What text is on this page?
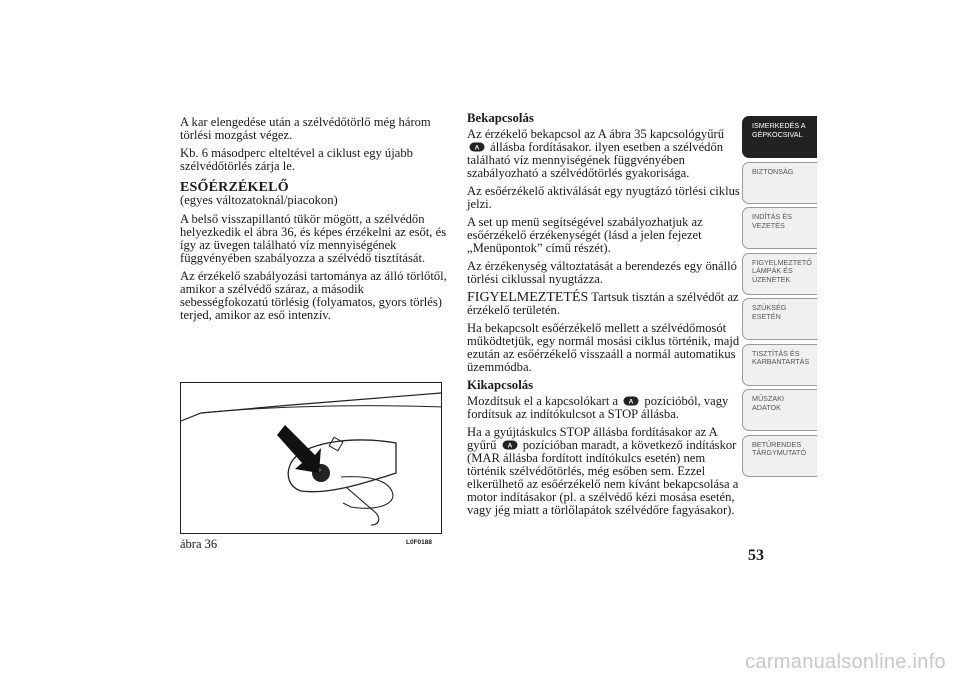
A kar elengedése után a szélvédőtörlő még három törlési mozgást végez.

Kb. 6 másodperc elteltével a ciklust egy újabb szélvédőtörlés zárja le.

ESŐÉRZÉKELŐ
(egyes változatoknál/piacokon)

A belső visszapillantó tükör mögött, a szélvédőn helyezkedik el ábra 36, és képes érzékelni az esőt, és így az üvegen található víz mennyiségének függvényében szabályozza a szélvédő tisztítását.

Az érzékelő szabályozási tartománya az álló törlőtől, amikor a szélvédő száraz, a második sebességfokozatú törlésig (folyamatos, gyors törlés) terjed, amikor az eső intenzív.

ábra 36	L0F0188
Bekapcsolás

Az érzékelő bekapcsol az A ábra 35 kapcsológyűrű

A állásba fordításakor. ilyen esetben a szélvédőn található víz mennyiségének függvényében szabályozható a szélvédőtörlés gyakorisága.

Az esőérzékelő aktiválását egy nyugtázó törlési ciklus jelzi.

A set up menü segítségével szabályozhatjuk az esőérzékelő érzékenységét (lásd a jelen fejezet „Menüpontok” című részét).

Az érzékenység változtatását a berendezés egy önálló törlési ciklussal nyugtázza.

FIGYELMEZTETÉS Tartsuk tisztán a szélvédőt az érzékelő területén.

Ha bekapcsolt esőérzékelő mellett a szélvédőmosót működtetjük, egy normál mosási ciklus történik, majd ezután az esőérzékelő visszaáll a normál automatikus üzemmódba.

Kikapcsolás

Mozdítsuk el a kapcsolókart a A pozícióból, vagy fordítsuk az indítókulcsot a STOP állásba.

Ha a gyújtáskulcs STOP állásba fordításakor az A gyűrű A pozícióban maradt, a következő indításkor (MAR állásba fordított indítókulcs esetén) nem történik szélvédőtörlés, még esőben sem. Ezzel elkerülhető az esőérzékelő nem kívánt bekapcsolása a motor indításakor (pl. a szélvédő kézi mosása esetén, vagy jég miatt a törlőlapátok szélvédőre fagyásakor).

ISMERKEDÉS A
GÉPKOCSIVAL
BIZTONSÁG
INDÍTÁS ÉS
VEZETÉS
FIGYELMEZTETŐ
LÁMPÁK ÉS
ÜZENETEK
SZÜKSÉG ESETÉN
TISZTÍTÁS ÉS
KARBANTARTÁS
MŰSZAKI ADATOK
BETŰRENDES
TÁRGYMUTATÓ
53
carmanualsonline.info
